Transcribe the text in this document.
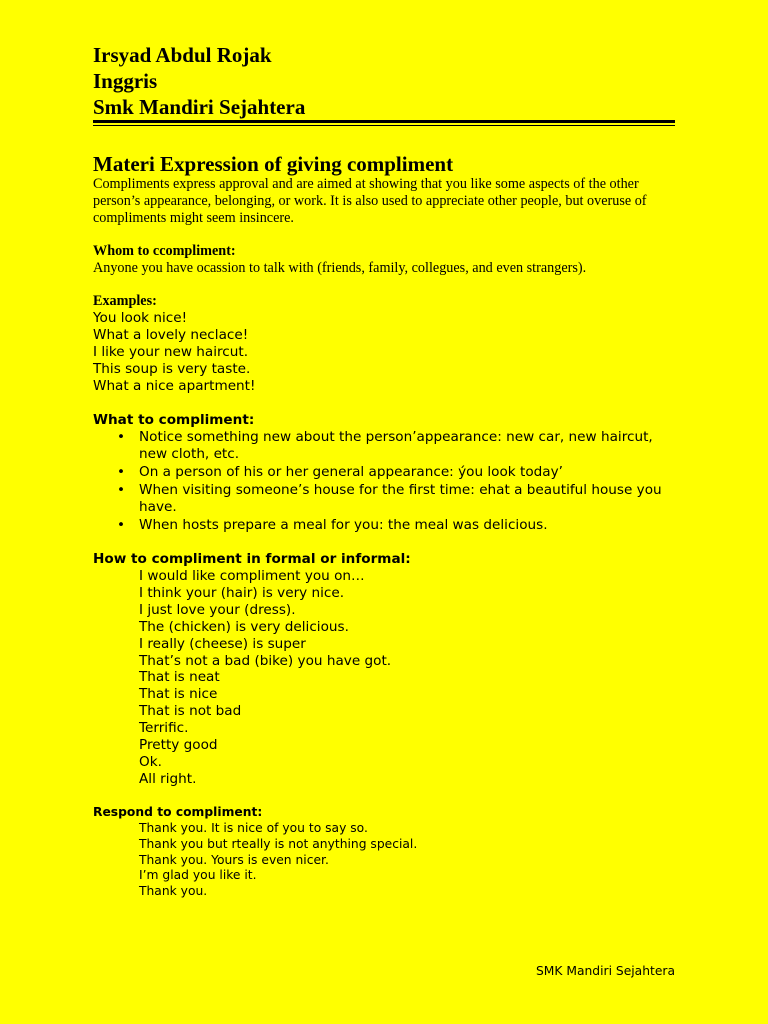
Irsyad Abdul Rojak
Inggris
Smk Mandiri Sejahtera
Materi Expression of giving compliment
Compliments express approval and are aimed at showing that you like some aspects of the other person’s appearance, belonging, or work. It is also used to appreciate other people, but overuse of compliments might seem insincere.
Whom to ccompliment:
Anyone you have ocassion to talk with (friends, family, collegues, and even strangers).
Examples:
You look nice!
What a lovely neclace!
I like your new haircut.
This soup is very taste.
What a nice apartment!
What to compliment:
• Notice something new about the person’appearance: new car, new haircut, new cloth, etc.
• On a person of his or her general appearance: ýou look today’
• When visiting someone’s house for the first time: ehat a beautiful house you have.
• When hosts prepare a meal for you: the meal was delicious.
How to compliment in formal or informal:
I would like compliment you on…
I think your (hair) is very nice.
I just love your (dress).
The (chicken) is very delicious.
I really (cheese) is super
That’s not a bad (bike) you have got.
That is neat
That is nice
That is not bad
Terrific.
Pretty good
Ok.
All right.
Respond to compliment:
Thank you. It is nice of you to say so.
Thank you but rteally is not anything special.
Thank you. Yours is even nicer.
I’m glad you like it.
Thank you.
SMK Mandiri Sejahtera
